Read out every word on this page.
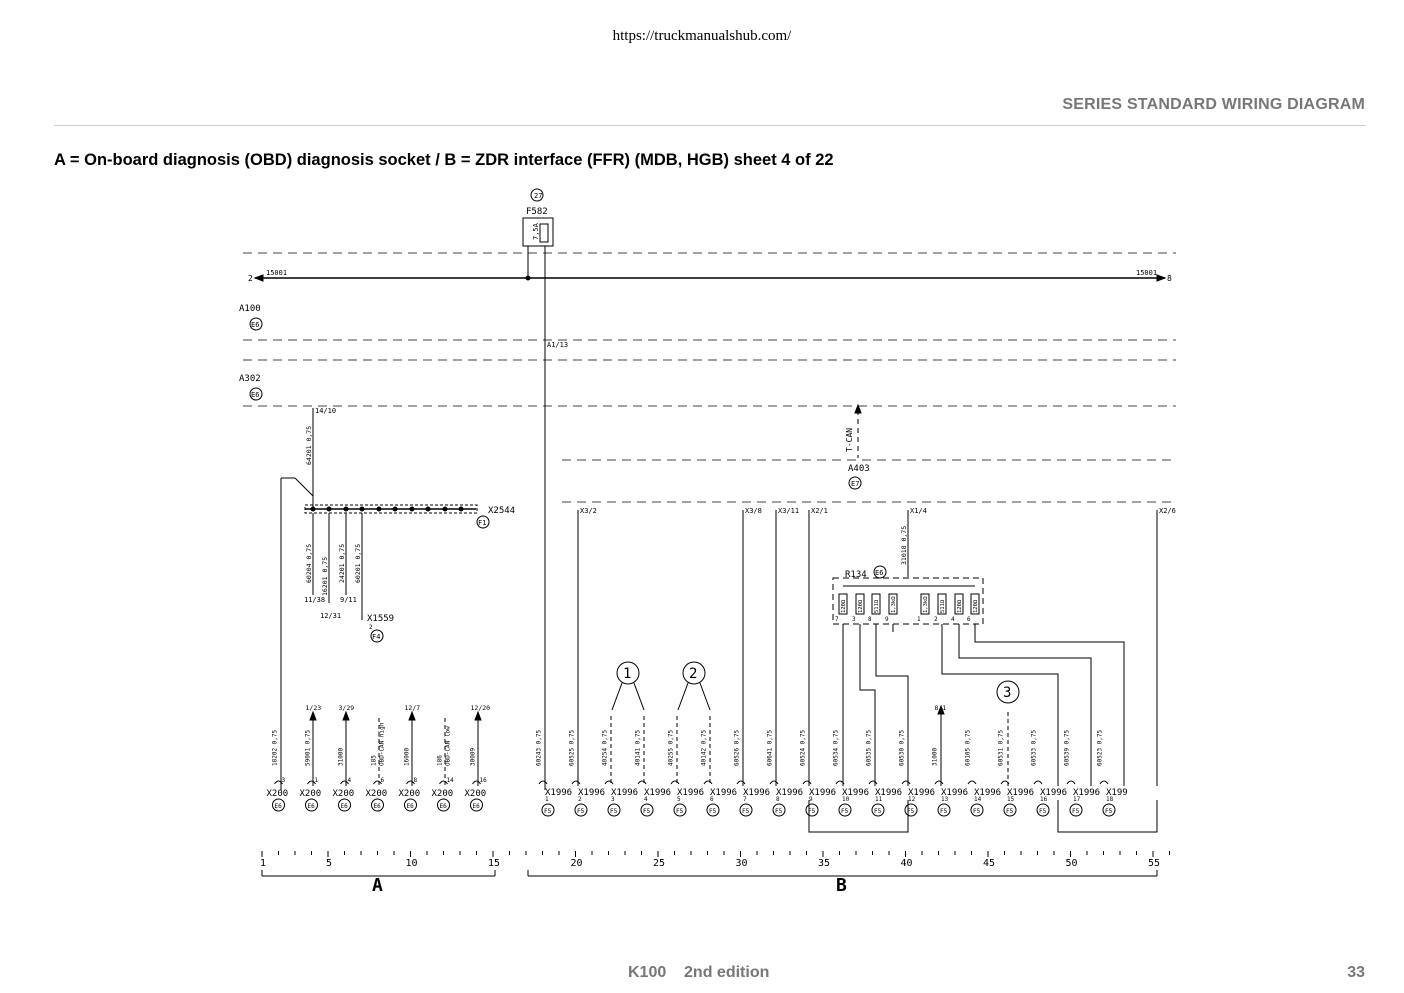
https://truckmanualshub.com/
SERIES STANDARD WIRING DIAGRAM
A = On-board diagnosis (OBD) diagnosis socket / B = ZDR interface (FFR) (MDB, HGB) sheet 4 of 22
27
F582
7,5A
2
15001	15001
8
A100
E6
A302
E6
A403
E7
R134 E6
X2544
F1
X1559
2
F4
T-CAN
A1/13
14/10
X3/2	X3/8 X3/11 X2/1	X1/4	X2/6
64201 0,75
60204 0,75 16201 0,75 24201 0,75 60201 0,75	31018 0,75
11/38
12/31
9/11
1	2
3
A	B
120Ω 120Ω 511Ω 1,3kΩ	1,3kΩ 511Ω 120Ω 120Ω
7 3 8 9	1 2 4 6
18202 0,75
3
X200
E6
59001 0,75
1/23
1
X200
E6
31000
3/29
4
X200
E6
185 OBD-CAN high
6
X200
E6
16000
12/7
8
X200
E6
186 OBD-CAN low
14
X200
E6
30009
12/20
16
X200
E6
60243 0,75	60525 0,75	40254 0,75	40141 0,75	40255 0,75	40142 0,75	60526 0,75	60641 0,75	60524 0,75	60534 0,75	60535 0,75	60530 0,75	31000
8/1
60105 0,75	60531 0,75	60533 0,75	60539 0,75	60523 0,75
X1996
1
F5
X1996
2
F5
X1996
3
F5
X1996
4
F5
X1996
5
F5
X1996
6
F5
X1996
7
F5
X1996
8
F5
X1996
9
F5
X1996
10
F5
X1996
11
F5
X1996
12
F5
X1996
13
F5
X1996
14
F5
X1996
15
F5
X1996
16
F5
X1996
17
F5
X199
18
F5
1	5	10	15	20	25	30	35	40	45	50	55
K100 2nd edition	33
